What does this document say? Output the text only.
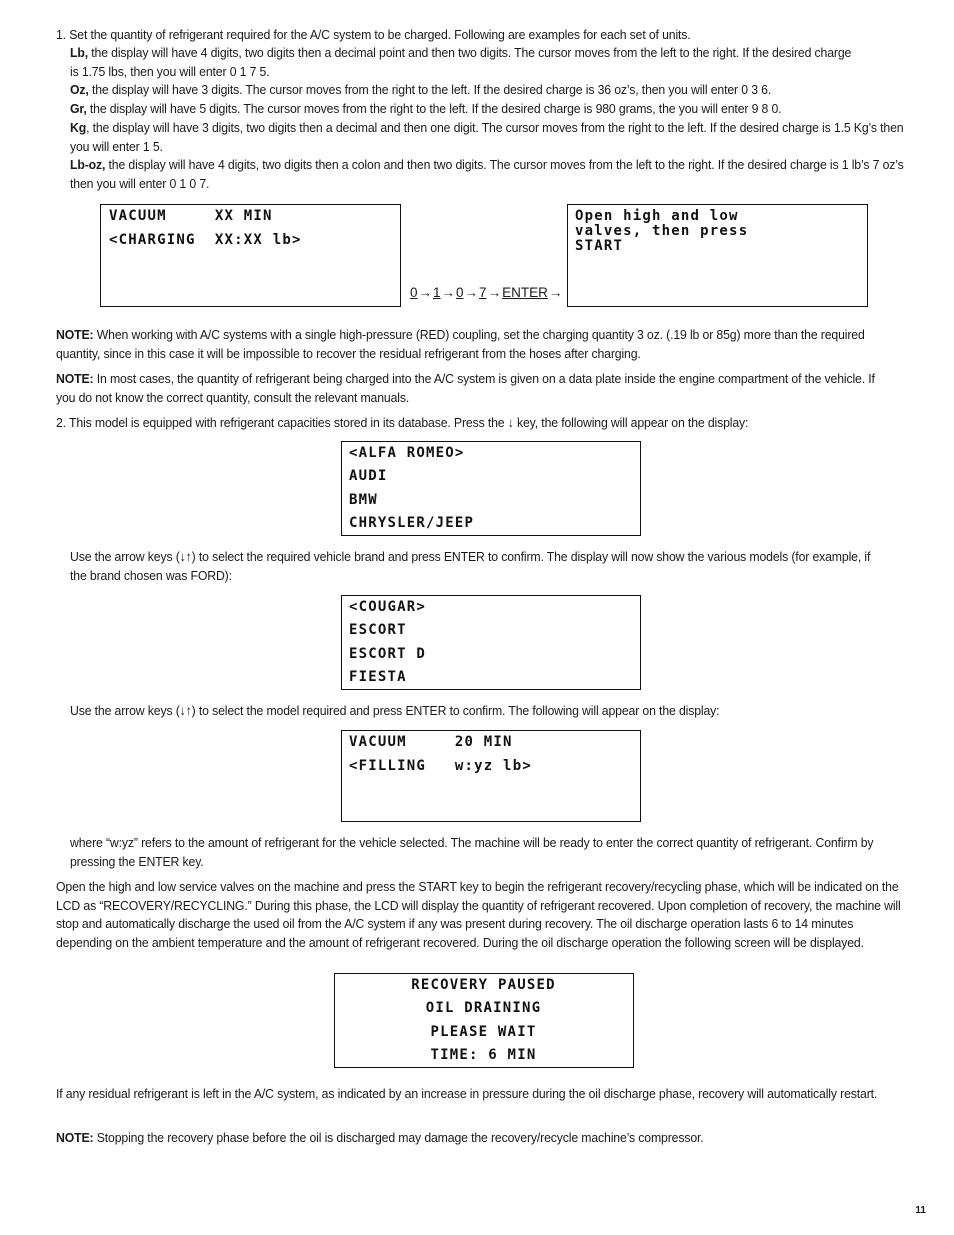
1. Set the quantity of refrigerant required for the A/C system to be charged. Following are examples for each set of units.

Lb, the display will have 4 digits, two digits then a decimal point and then two digits. The cursor moves from the left to the right. If the desired charge is 1.75 lbs, then you will enter 0 1 7 5.

Oz, the display will have 3 digits. The cursor moves from the right to the left. If the desired charge is 36 oz’s, then you will enter 0 3 6.

Gr, the display will have 5 digits. The cursor moves from the right to the left. If the desired charge is 980 grams, the you will enter 9 8 0.

Kg, the display will have 3 digits, two digits then a decimal and then one digit. The cursor moves from the right to the left. If the desired charge is 1.5 Kg’s then you will enter 1 5.

Lb-oz, the display will have 4 digits, two digits then a colon and then two digits. The cursor moves from the left to the right. If the desired charge is 1 lb’s 7 oz’s then you will enter 0 1 0 7.

VACUUM     XX MIN
<CHARGING  XX:XX lb>
0→1→0→7→ENTER→
Open high and low
valves, then press
START

NOTE: When working with A/C systems with a single high-pressure (RED) coupling, set the charging quantity 3 oz. (.19 lb or 85g) more than the required quantity, since in this case it will be impossible to recover the residual refrigerant from the hoses after charging.

NOTE: In most cases, the quantity of refrigerant being charged into the A/C system is given on a data plate inside the engine compartment of the vehicle. If you do not know the correct quantity, consult the relevant manuals.

2. This model is equipped with refrigerant capacities stored in its database. Press the ↓ key, the following will appear on the display:

<ALFA ROMEO>
AUDI
BMW
CHRYSLER/JEEP

Use the arrow keys (↓↑) to select the required vehicle brand and press ENTER to confirm. The display will now show the various models (for example, if the brand chosen was FORD):

<COUGAR>
ESCORT
ESCORT D
FIESTA

Use the arrow keys (↓↑) to select the model required and press ENTER to confirm. The following will appear on the display:

VACUUM     20 MIN
<FILLING   w:yz lb>

where “w:yz” refers to the amount of refrigerant for the vehicle selected. The machine will be ready to enter the correct quantity of refrigerant. Confirm by pressing the ENTER key.

Open the high and low service valves on the machine and press the START key to begin the refrigerant recovery/recycling phase, which will be indicated on the LCD as “RECOVERY/RECYCLING.” During this phase, the LCD will display the quantity of refrigerant recovered. Upon completion of recovery, the machine will stop and automatically discharge the used oil from the A/C system if any was present during recovery. The oil discharge operation lasts 6 to 14 minutes depending on the ambient temperature and the amount of refrigerant recovered. During the oil discharge operation the following screen will be displayed.

RECOVERY PAUSED
OIL DRAINING
PLEASE WAIT
TIME: 6 MIN

If any residual refrigerant is left in the A/C system, as indicated by an increase in pressure during the oil discharge phase, recovery will automatically restart.

NOTE: Stopping the recovery phase before the oil is discharged may damage the recovery/recycle machine’s compressor.

11
